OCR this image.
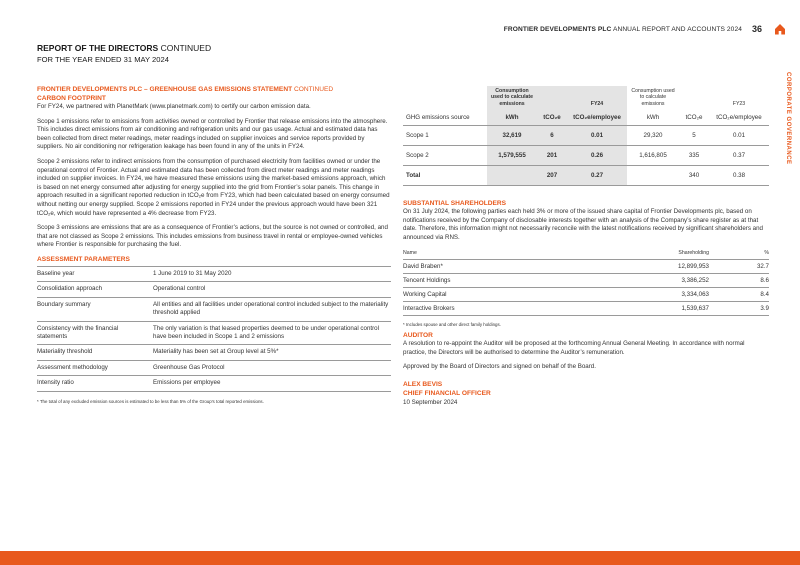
FRONTIER DEVELOPMENTS PLC ANNUAL REPORT AND ACCOUNTS 2024 36
CORPORATE GOVERNANCE
REPORT OF THE DIRECTORS CONTINUED
FOR THE YEAR ENDED 31 MAY 2024
FRONTIER DEVELOPMENTS PLC – GREENHOUSE GAS EMISSIONS STATEMENT CONTINUED
CARBON FOOTPRINT

For FY24, we partnered with PlanetMark (www.planetmark.com) to certify our carbon emission data.

Scope 1 emissions refer to emissions from activities owned or controlled by Frontier that release emissions into the atmosphere. This includes direct emissions from air conditioning and refrigeration units and our gas usage. Actual and estimated data has been collected from direct meter readings, meter readings included on supplier invoices and service reports provided by suppliers. No air conditioning nor refrigeration leakage has been found in any of the units in FY24.

Scope 2 emissions refer to indirect emissions from the consumption of purchased electricity from facilities owned or under the operational control of Frontier. Actual and estimated data has been collected from direct meter readings and meter readings included on supplier invoices. In FY24, we have measured these emissions using the market-based emissions approach, which is based on net energy consumed after adjusting for energy supplied into the grid from Frontier’s solar panels. This change in approach resulted in a significant reported reduction in tCO₂e from FY23, which had been calculated based on energy consumed without netting our energy supplied. Scope 2 emissions reported in FY24 under the previous approach would have been 321 tCO₂e, which would have represented a 4% decrease from FY23.

Scope 3 emissions are emissions that are as a consequence of Frontier’s actions, but the source is not owned or controlled, and that are not classed as Scope 2 emissions. This includes emissions from business travel in rental or employee-owned vehicles where Frontier is responsible for purchasing the fuel.

ASSESSMENT PARAMETERS
Baseline year	1 June 2019 to 31 May 2020
Consolidation approach	Operational control
Boundary summary	All entities and all facilities under operational control included subject to the materiality threshold applied
Consistency with the financial statements	The only variation is that leased properties deemed to be under operational control have been included in Scope 1 and 2 emissions
Materiality threshold	Materiality has been set at Group level at 5%*
Assessment methodology	Greenhouse Gas Protocol
Intensity ratio	Emissions per employee
* The total of any excluded emission sources is estimated to be less than 5% of the Group’s total reported emissions.
	Consumption used to calculate emissions		FY24	Consumption used to calculate emissions		FY23
GHG emissions source	kWh	tCO₂e	tCO₂e/employee	kWh	tCO₂e	tCO₂e/employee
Scope 1	32,619	6	0.01	29,320	5	0.01
Scope 2	1,579,555	201	0.26	1,616,805	335	0.37
Total		207	0.27		340	0.38
SUBSTANTIAL SHAREHOLDERS

On 31 July 2024, the following parties each held 3% or more of the issued share capital of Frontier Developments plc, based on notifications received by the Company of disclosable interests together with an analysis of the Company’s share register as at that date. Therefore, this information might not necessarily reconcile with the latest notifications received by significant shareholders and announced via RNS.

Name	Shareholding	%
David Braben*	12,899,953	32.7
Tencent Holdings	3,386,252	8.6
Working Capital	3,334,063	8.4
Interactive Brokers	1,539,637	3.9
* Includes spouse and other direct family holdings.
AUDITOR

A resolution to re-appoint the Auditor will be proposed at the forthcoming Annual General Meeting. In accordance with normal practice, the Directors will be authorised to determine the Auditor’s remuneration.

Approved by the Board of Directors and signed on behalf of the Board.

ALEX BEVIS
CHIEF FINANCIAL OFFICER
10 September 2024
